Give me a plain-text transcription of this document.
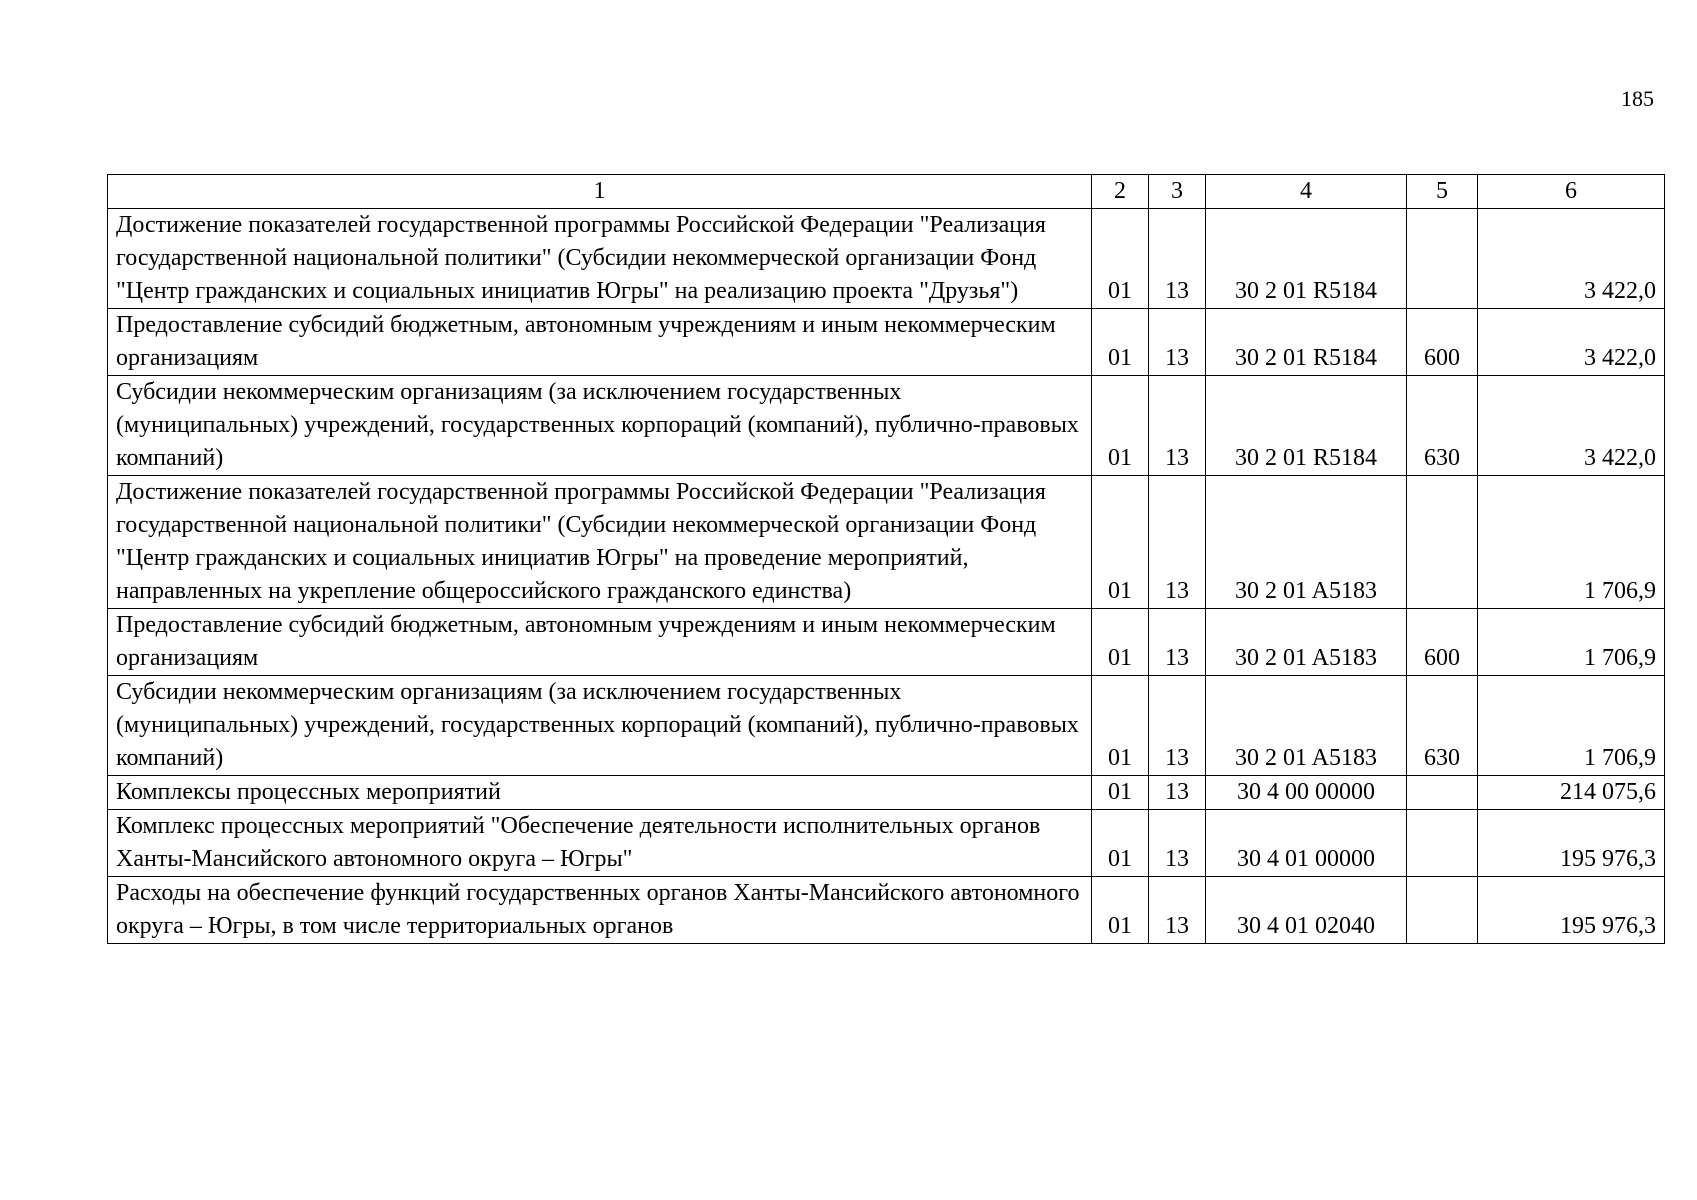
185
1	2	3	4	5	6
Достижение показателей государственной программы Российской Федерации "Реализация государственной национальной политики" (Субсидии некоммерческой организации Фонд "Центр гражданских и социальных инициатив Югры" на реализацию проекта "Друзья")	01	13	30 2 01 R5184		3 422,0
Предоставление субсидий бюджетным, автономным учреждениям и иным некоммерческим организациям	01	13	30 2 01 R5184	600	3 422,0
Субсидии некоммерческим организациям (за исключением государственных (муниципальных) учреждений, государственных корпораций (компаний), публично-правовых компаний)	01	13	30 2 01 R5184	630	3 422,0
Достижение показателей государственной программы Российской Федерации "Реализация государственной национальной политики" (Субсидии некоммерческой организации Фонд "Центр гражданских и социальных инициатив Югры" на проведение мероприятий, направленных на укрепление общероссийского гражданского единства)	01	13	30 2 01 A5183		1 706,9
Предоставление субсидий бюджетным, автономным учреждениям и иным некоммерческим организациям	01	13	30 2 01 A5183	600	1 706,9
Субсидии некоммерческим организациям (за исключением государственных (муниципальных) учреждений, государственных корпораций (компаний), публично-правовых компаний)	01	13	30 2 01 A5183	630	1 706,9
Комплексы процессных мероприятий	01	13	30 4 00 00000		214 075,6
Комплекс процессных мероприятий "Обеспечение деятельности исполнительных органов Ханты-Мансийского автономного округа – Югры"	01	13	30 4 01 00000		195 976,3
Расходы на обеспечение функций государственных органов Ханты-Мансийского автономного округа – Югры, в том числе территориальных органов	01	13	30 4 01 02040		195 976,3
